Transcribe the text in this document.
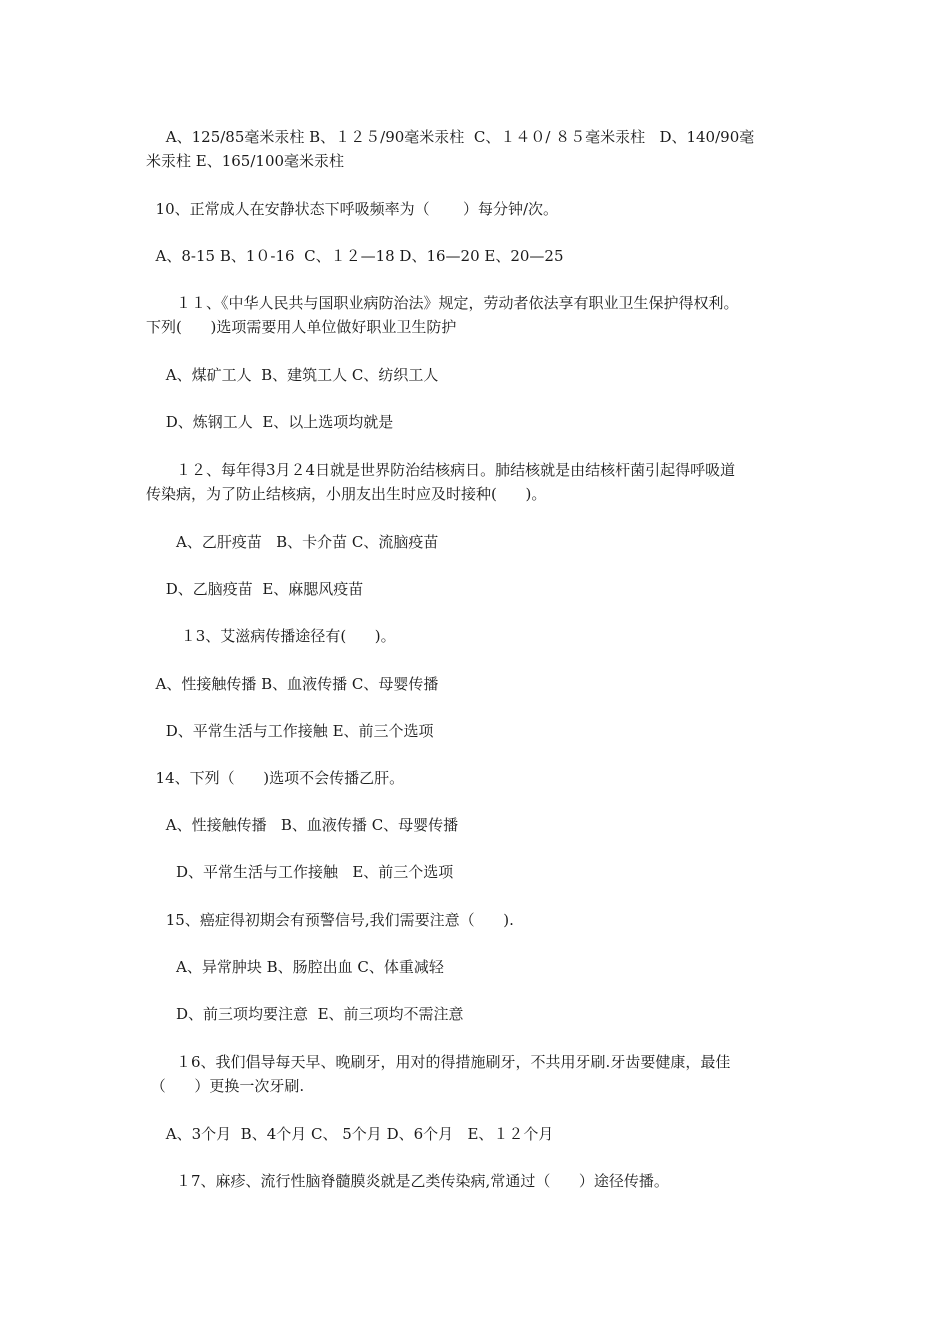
　 A、125/85毫米汞柱 B、１２５/90毫米汞柱  C、１４０/ ８５毫米汞柱   D、140/90毫
米汞柱 E、165/100毫米汞柱
10、正常成人在安静状态下呼吸频率为（       ）每分钟/次。
A、8-15 B、1０-16  C、１２—18 D、16—20 E、20—25
　　１１、《中华人民共与国职业病防治法》规定，劳动者依法享有职业卫生保护得权利。
下列(      )选项需要用人单位做好职业卫生防护
　 A、煤矿工人  B、建筑工人 C、纺织工人
　 D、炼钢工人  E、以上选项均就是
　　１２、每年得3月２4日就是世界防治结核病日。肺结核就是由结核杆菌引起得呼吸道
传染病，为了防止结核病，小朋友出生时应及时接种(      )。
　　A、乙肝疫苗   B、卡介苗 C、流脑疫苗
　 D、乙脑疫苗  E、麻腮风疫苗
　　 １3、艾滋病传播途径有(      )。
A、性接触传播 B、血液传播 C、母婴传播
　 D、平常生活与工作接触 E、前三个选项
14、下列（      )选项不会传播乙肝。
　 A、性接触传播   B、血液传播 C、母婴传播
　　D、平常生活与工作接触   E、前三个选项
　 15、癌症得初期会有预警信号,我们需要注意（      ).
　　A、异常肿块 B、肠腔出血 C、体重减轻
　　D、前三项均要注意  E、前三项均不需注意
　　１6、我们倡导每天早、晚刷牙，用对的得措施刷牙，不共用牙刷.牙齿要健康，最佳
（      ）更换一次牙刷.
　 A、3个月  B、4个月 C、 5个月 D、6个月   E、１２个月
　　１7、麻疹、流行性脑脊髓膜炎就是乙类传染病,常通过（      ）途径传播。
